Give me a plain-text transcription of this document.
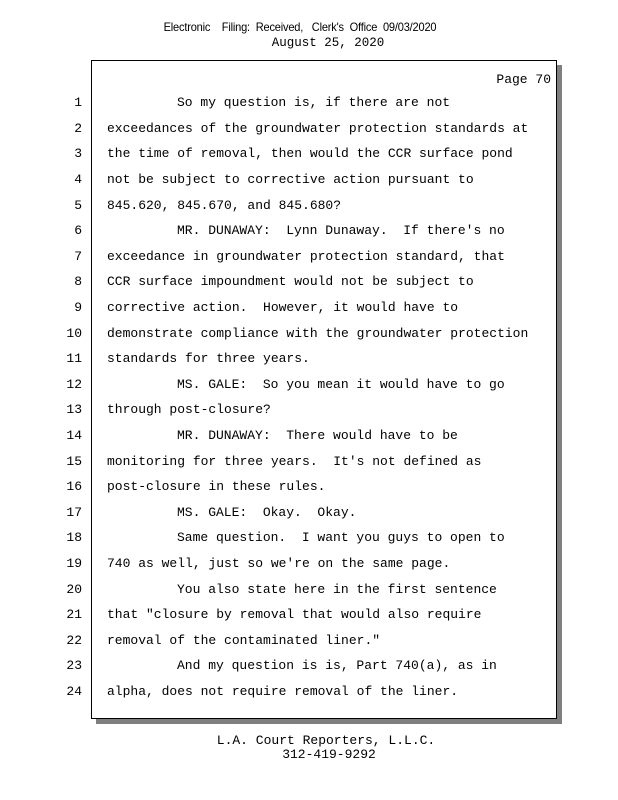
Electronic    Filing:  Received,   Clerk's  Office  09/03/2020
August 25, 2020
Page 70
1	So my question is, if there are not
2 exceedances of the groundwater protection standards at
3 the time of removal, then would the CCR surface pond
4 not be subject to corrective action pursuant to
5 845.620, 845.670, and 845.680?
6	MR. DUNAWAY:  Lynn Dunaway.  If there's no
7 exceedance in groundwater protection standard, that
8 CCR surface impoundment would not be subject to
9 corrective action.  However, it would have to
10 demonstrate compliance with the groundwater protection
11 standards for three years.
12	MS. GALE:  So you mean it would have to go
13 through post-closure?
14	MR. DUNAWAY:  There would have to be
15 monitoring for three years.  It's not defined as
16 post-closure in these rules.
17	MS. GALE:  Okay.  Okay.
18	Same question.  I want you guys to open to
19 740 as well, just so we're on the same page.
20	You also state here in the first sentence
21 that "closure by removal that would also require
22 removal of the contaminated liner."
23	And my question is is, Part 740(a), as in
24 alpha, does not require removal of the liner.
L.A. Court Reporters, L.L.C.
312-419-9292
